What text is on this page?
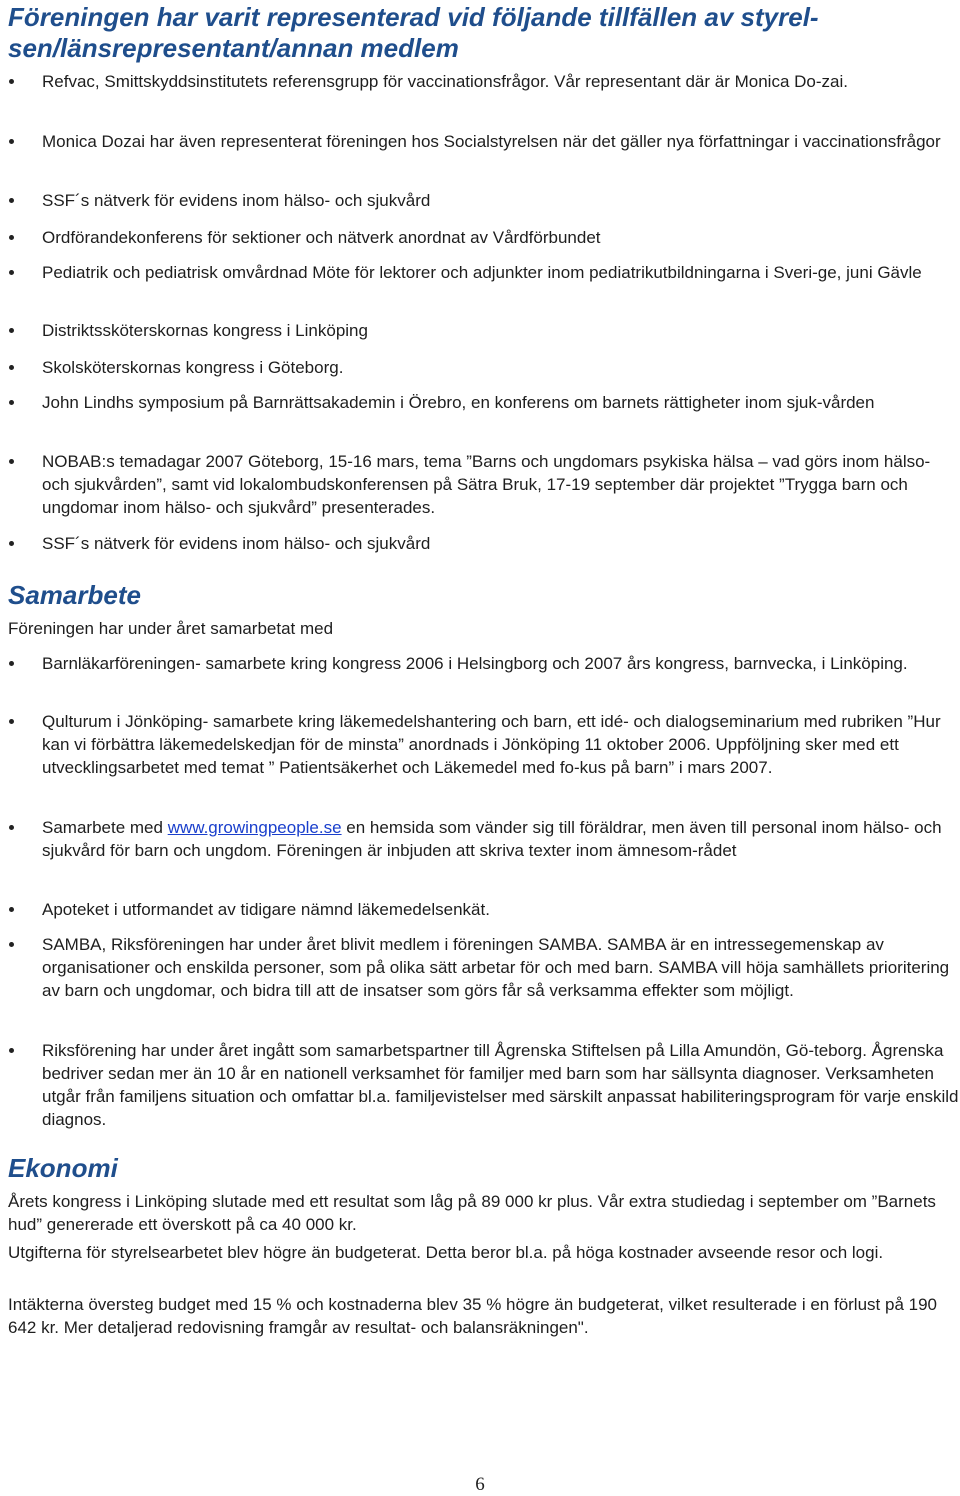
Föreningen har varit representerad vid följande tillfällen av styrel-
sen/länsrepresentant/annan medlem
Refvac, Smittskyddsinstitutets referensgrupp för vaccinationsfrågor. Vår representant där är Monica Do-zai.
Monica Dozai har även representerat föreningen hos Socialstyrelsen när det gäller nya författningar i vaccinationsfrågor
SSF´s nätverk för evidens inom hälso- och sjukvård
Ordförandekonferens för sektioner och nätverk anordnat av Vårdförbundet
Pediatrik och pediatrisk omvårdnad Möte för lektorer och adjunkter inom pediatrikutbildningarna i Sveri-ge, juni Gävle
Distriktssköterskornas kongress i Linköping
Skolsköterskornas kongress i Göteborg.
John Lindhs symposium på Barnrättsakademin i Örebro, en konferens om barnets rättigheter inom sjuk-vården
NOBAB:s temadagar 2007 Göteborg, 15-16 mars, tema ”Barns och ungdomars psykiska hälsa – vad görs inom hälso- och sjukvården”, samt vid lokalombudskonferensen på Sätra Bruk, 17-19 september där projektet ”Trygga barn och ungdomar inom hälso- och sjukvård” presenterades.
SSF´s nätverk för evidens inom hälso- och sjukvård
Samarbete

Föreningen har under året samarbetat med

Barnläkarföreningen- samarbete kring kongress 2006 i Helsingborg och 2007 års kongress, barnvecka, i Linköping.
Qulturum i Jönköping- samarbete kring läkemedelshantering och barn, ett idé- och dialogseminarium med rubriken ”Hur kan vi förbättra läkemedelskedjan för de minsta” anordnads i Jönköping 11 oktober 2006. Uppföljning sker med ett utvecklingsarbetet med temat ” Patientsäkerhet och Läkemedel med fo-kus på barn” i mars 2007.
Samarbete med www.growingpeople.se en hemsida som vänder sig till föräldrar, men även till personal inom hälso- och sjukvård för barn och ungdom. Föreningen är inbjuden att skriva texter inom ämnesom-rådet
Apoteket i utformandet av tidigare nämnd läkemedelsenkät.
SAMBA, Riksföreningen har under året blivit medlem i föreningen SAMBA. SAMBA är en intressegemenskap av organisationer och enskilda personer, som på olika sätt arbetar för och med barn. SAMBA vill höja samhällets prioritering av barn och ungdomar, och bidra till att de insatser som görs får så verksamma effekter som möjligt.
Riksförening har under året ingått som samarbetspartner till Ågrenska Stiftelsen på Lilla Amundön, Gö-teborg. Ågrenska bedriver sedan mer än 10 år en nationell verksamhet för familjer med barn som har sällsynta diagnoser. Verksamheten utgår från familjens situation och omfattar bl.a. familjevistelser med särskilt anpassat habiliteringsprogram för varje enskild diagnos.
Ekonomi

Årets kongress i Linköping slutade med ett resultat som låg på 89 000 kr plus. Vår extra studiedag i september om ”Barnets hud” genererade ett överskott på ca 40 000 kr.

Utgifterna för styrelsearbetet blev högre än budgeterat. Detta beror bl.a. på höga kostnader avseende resor och logi.

Intäkterna översteg budget med 15 % och kostnaderna blev 35 % högre än budgeterat, vilket resulterade i en förlust på 190 642 kr. Mer detaljerad redovisning framgår av resultat- och balansräkningen".

6
